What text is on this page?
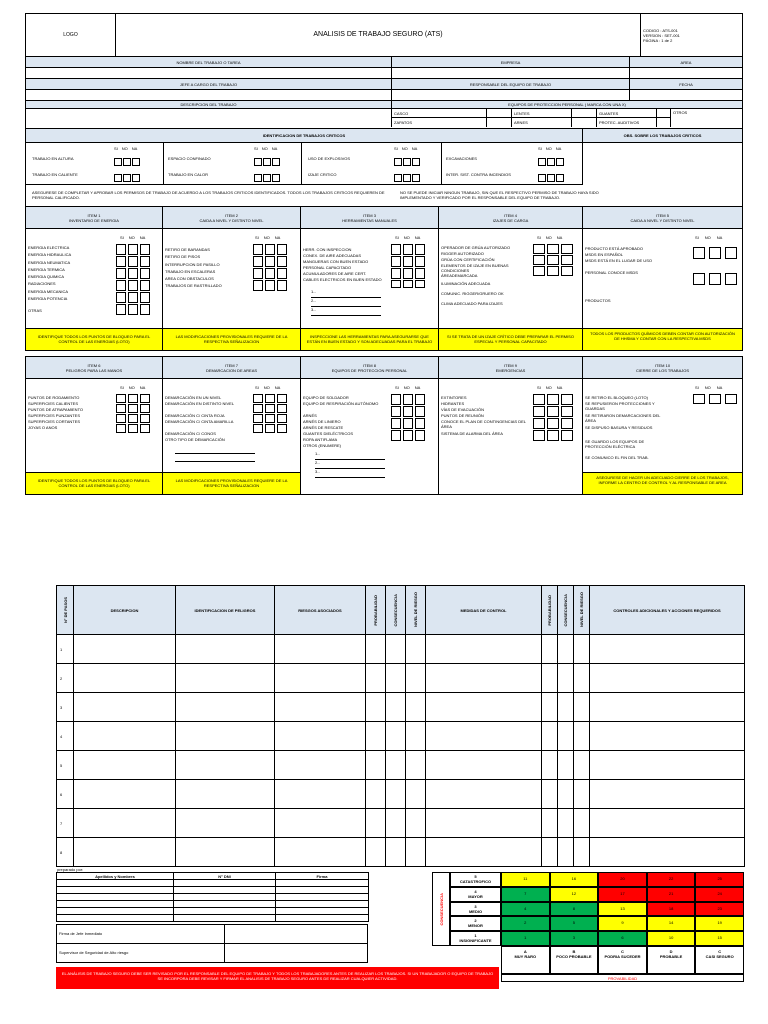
LOGO	ANALISIS DE TRABAJO SEGURO (ATS)
CODIGO : ATS-001
VERSION : SET-001
PÁGINA : 1 de 2
NOMBRE DEL TRABAJO O TAREA	EMPRESA	AREA
JEFE A CARGO DEL TRABAJO	RESPONSABLE DEL EQUIPO DE TRABAJO	FECHA
DESCRIPCION DEL TRABAJO	EQUIPOS DE PROTECCION PERSONAL ( MARCA CON UNA X)
CASCO	LENTES	GUANTES	OTROS
ZAPATOS	ARNES	PROTEC. AUDITIVOS
IDENTIFICACION DE TRABAJOS CRITICOS	OBS. SOBRE LOS TRABAJOS CRITICOS
SI NO NA
TRABAJO EN ALTURA
TRABAJO EN CALIENTE
SI NO NA
ESPACIO CONFINADO
TRABAJO EN CALOR
SI NO NA
USO DE EXPLOSIVOS
IZAJE CRITICO
SI NO NA
EXCAVACIONES
INTER. SIST. CONTRA INCENDIOS
ASEGURESE DE COMPLETAR Y APROBAR LOS PERMISOS DE TRABAJO DE ACUERDO A LOS TRABAJOS CRITICOS IDENTIFICADOS. TODOS LOS TRABAJOS CRITICOS REQUIEREN DE PERSONAL CALIFICADO.
NO SE PUEDE INICIAR NINGUN TRABAJO, SIN QUE EL RESPECTIVO PERMISO DE TRABAJO HAYA SIDO IMPLEMENTADO Y VERIFICADO POR EL RESPONSABLE DEL EQUIPO DE TRABAJO.
ITEM 1
INVENTARIO DE ENERGIA
SI NO NA
ENERGIA ELECTRICA
ENERGIA HIDRAULICA
ENERGIA NEUMATICA
ENERGIA TERMICA
ENERGIA QUIMICA
RADIACIONES
ENERGIA MECANICA
ENERGIA POTENCIA
OTRAS
IDENTIFIQUE TODOS LOS PUNTOS DE BLOQUEO PARA EL CONTROL DE LAS ENERGIAS (LOTO)
ITEM 2
CAIDA A NIVEL Y DISTINTO NIVEL
SI NO NA
RETIRO DE BARANDAS
RETIRO DE PISOS
INTERRUPCION DE PASILLO
TRABAJO EN ESCALERAS
AREA CON OBSTACULOS
TRABAJOS DE RASTRILLADO
LAS MODIFICACIONES PROVISIONALES REQUIERE DE LA RESPECTIVA SEÑALIZACION
ITEM 3
HERRAMIENTAS MANUALES
SI NO NA
HERR. CON INSPECCION
CONEX. DE AIRE ADECUADAS
MANGUERAS CON BUEN ESTADO
PERSONAL CAPACITADO
ACUMULADORES DE AIRE CERT.
CABLES ELECTRICOS EN BUEN ESTADO
1.-
2.-
3.-
INSPECCIONE LAS HERRAMIENTAS PARA ASEGURARSE QUE ESTÁN EN BUEN ESTADO Y SON ADECUADAS PARA EL TRABAJO
ITEM 4
IZAJES DE CARGA
SI NO NA
OPERADOR DE GRÚA AUTORIZADO
RIGGER AUTORIZADO
GRÚA CON CERTIFICACIÓN
ELEMENTOS DE IZAJE EN BUENAS CONDICIONES
ÁREADEMARCADA
ILUMINACIÓN ADECUADA
COMUNIC. RIGGER/GRUERO OK
CLIMA ADECUADO PARA IZAJES
SI SE TRATA DE UN IZAJE CRÍTICO DEBE PREPARAR EL PERMISO ESPECIAL Y PERSONAL CAPACITADO
ITEM 5
CAIDA A NIVEL Y DISTINTO NIVEL
SI NO NA
PRODUCTO ESTÁ APROBADO
MSDS EN ESPAÑOL
MSDS ESTÁ EN EL LUGAR DE USO
PERSONAL CONOCE MSDS
PRODUCTOS
TODOS LOS PRODUCTOS QUÍMICOS DEBEN CONTAR CON AUTORIZACIÓN DE HHSMA Y CONTAR CON LA RESPECTIVA MSDS
ITEM 6
PELIGROS PARA LAS MANOS
SI NO NA
PUNTOS DE RODAMIENTO
SUPERFICIES CALIENTES
PUNTOS DE ATRAPAMIENTO
SUPERFICIES PUNZANTES
SUPERFICIES CORTANTES
JOYAS O ANOS
IDENTIFIQUE TODOS LOS PUNTOS DE BLOQUEO PARA EL CONTROL DE LAS ENERGIAS (LOTO)
ITEM 7
DEMARCACION DE AREAS
SI NO NA
DEMARCACIÓN EN UN NIVEL
DEMARCACIÓN EN DISTINTO NIVEL
DEMARCACIÓN C/ CINTA ROJA
DEMARCACIÓN C/ CINTA AMARILLA
DEMARCACIÓN C/ CONOS
OTRO TIPO DE DEMARCACIÓN
LAS MODIFICACIONES PROVISIONALES REQUIERE DE LA RESPECTIVA SEÑALIZACION
ITEM 8
EQUIPOS DE PROTECCION PERSONAL
SI NO NA
EQUIPO DE SOLDADOR
EQUIPO DE RESPIRACIÓN AUTÓNOMO
ARNÉS
ARNÉS DE LINIERO
ARNÉS DE RESCATE
GUANTES DIELÉCTRICOS
ROPA ANTIFLAMA
OTROS (ENUMERE)
1.-
2.-
3.-
ITEM 9
EMERGENCIAS
SI NO NA
EXTINTORES
HIDRANTES
VÍAS DE EVACUACIÓN
PUNTOS DE REUNIÓN
CONOCE EL PLAN DE CONTINGENCIAS DEL ÁREA
SISTEMA DE ALARMA DEL ÁREA
ITEM 10
CIERRE DE LOS TRABAJOS
SI NO NA
SE RETIRO EL BLOQUEO (LOTO)
SE REPUSIERON PROTECCIONES Y GUARDAS
SE RETIRARON DEMARCACIONES DEL ÁREA
SE DISPUSO BASURA Y RESIDUOS
SE GUARDO LOS EQUIPOS DE PROTECCIÓN ELÉCTRICA
SE COMUNICO EL FIN DEL TRAB.
ASEGURESE DE HACER UN ADECUADO CIERRE DE LOS TRABAJOS, INFORME LA CENTRO DE CONTROL Y AL RESPONSABLE DE AREA
N° DE PASOS	DESCRIPCION	IDENTIFICACION DE PELIGROS	RIESGOS ASOCIADOS	PROBABILIDAD	CONSECUENCIA	NIVEL DE RIESGO	MEDIDAS DE CONTROL	PROBABILIDAD	CONSECUENCIA	NIVEL DE RIESGO	CONTROLES ADICIONALES Y ACCIONES REQUERIDOS
1											
2											
3											
4											
5											
6											
7											
8											
preparado por:
Apellidos y Nombres	N° DNI	Firma

Firma de Jefe Inmediato
Supervisor de Seguridad de Alto riesgo
EL ANÁLISIS DE TRABAJO SEGURO DEBE SER REVISADO POR EL RESPONSABLE DEL EQUIPO DE TRABAJO Y TODOS LOS TRABAJADORES ANTES DE REALIZAR LOS TRABAJOS. SI UN TRABAJADOR O EQUIPO DE TRABAJO SE INCORPORA DEBE REVISAR Y FIRMAR EL ANALISIS DE TRABAJO SEGURO ANTES DE REALIZAR CUALQUIER ACTIVIDAD.
CONSECUENCIA
5
CATASTROFICO
11	16	20	22	25
4
MAYOR
7	12	17	21	24
3
MEDIO
4	8	13	18	23
2
MENOR
2	5	9	14	19
1
INSIGNIFICANTE
1	3	6	10	15
A
MUY RARO
B
POCO PROBABLE
C
PODRIA SUCEDER
D
PROBABLE
C
CASI SEGURO
PROVABILIDAD
